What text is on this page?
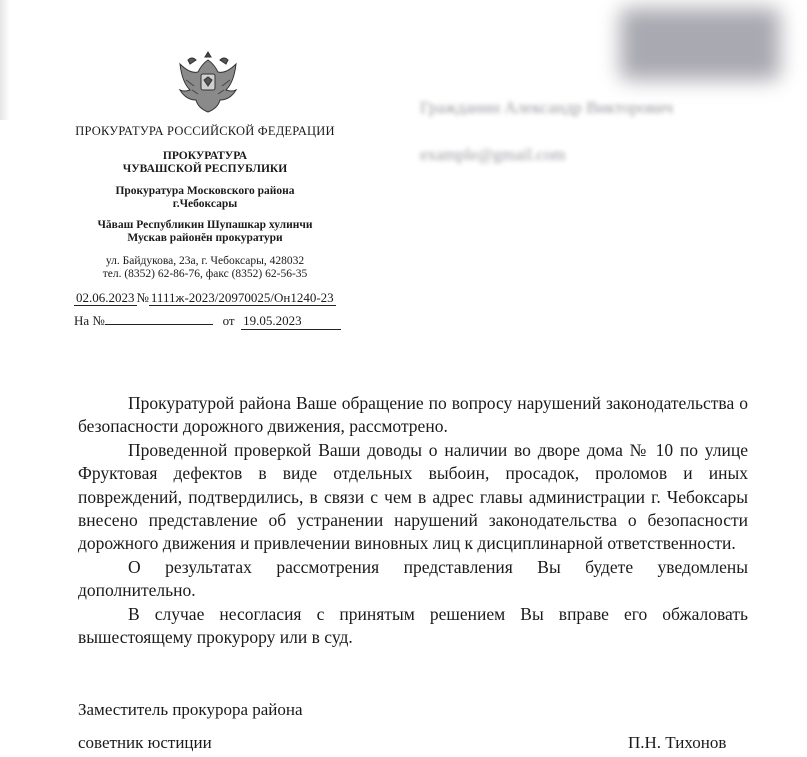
Гражданин Александр Викторович
example@gmail.com
ПРОКУРАТУРА РОССИЙСКОЙ ФЕДЕРАЦИИ
ПРОКУРАТУРА
ЧУВАШСКОЙ РЕСПУБЛИКИ
Прокуратура Московского района
г.Чебоксары
Чăваш Республикин Шупашкар хулинчи
Мускав районĕн прокуратури
ул. Байдукова, 23а, г. Чебоксары, 428032
тел. (8352) 62-86-76, факс (8352) 62-56-35
02.06.2023 № 1111ж-2023/20970025/Он1240-23
На №	от 19.05.2023

Прокуратурой района Ваше обращение по вопросу нарушений законодательства о безопасности дорожного движения, рассмотрено.

Проведенной проверкой Ваши доводы о наличии во дворе дома № 10 по улице Фруктовая дефектов в виде отдельных выбоин, просадок, проломов и иных повреждений, подтвердились, в связи с чем в адрес главы администрации г. Чебоксары внесено представление об устранении нарушений законодательства о безопасности дорожного движения и привлечении виновных лиц к дисциплинарной ответственности.

О результатах рассмотрения представления Вы будете уведомлены дополнительно.

В случае несогласия с принятым решением Вы вправе его обжаловать вышестоящему прокурору или в суд.

Заместитель прокурора района
советник юстиции	П.Н. Тихонов
